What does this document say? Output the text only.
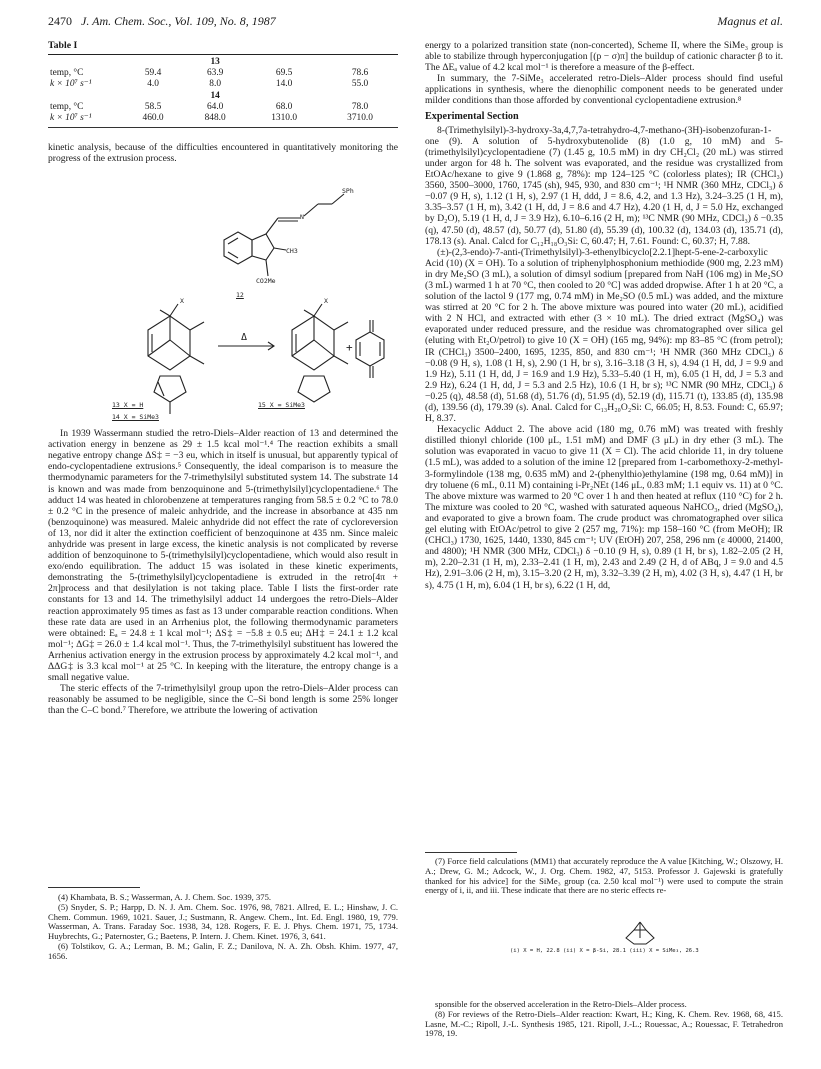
2470 J. Am. Chem. Soc., Vol. 109, No. 8, 1987	Magnus et al.
Table I
		13		
temp, °C	59.4	63.9	69.5	78.6
k × 10⁷ s⁻¹	4.0	8.0	14.0	55.0
		14		
temp, °C	58.5	64.0	68.0	78.0
k × 10⁷ s⁻¹	460.0	848.0	1310.0	3710.0

kinetic analysis, because of the difficulties encountered in quantitatively monitoring the progress of the extrusion process.

SPh
N
CH3
CO2Me
12
X	X
Δ
+
13 X = H
14 X = SiMe3
15 X = SiMe3

In 1939 Wassermann studied the retro-Diels–Alder reaction of 13 and determined the activation energy in benzene as 29 ± 1.5 kcal mol⁻¹.⁴ The reaction exhibits a small negative entropy change ΔS‡ = −3 eu, which in itself is unusual, but apparently typical of endo-cyclopentadiene extrusions.⁵ Consequently, the ideal comparison is to measure the thermodynamic parameters for the 7-trimethylsilyl substituted system 14. The substrate 14 is known and was made from benzoquinone and 5-(trimethylsilyl)cyclopentadiene.⁶ The adduct 14 was heated in chlorobenzene at temperatures ranging from 58.5 ± 0.2 °C to 78.0 ± 0.2 °C in the presence of maleic anhydride, and the increase in absorbance at 435 nm (benzoquinone) was measured. Maleic anhydride did not effect the rate of cycloreversion of 13, nor did it alter the extinction coefficient of benzoquinone at 435 nm. Since maleic anhydride was present in large excess, the kinetic analysis is not complicated by reverse addition of benzoquinone to 5-(trimethylsilyl)cyclopentadiene, which would also result in exo/endo equilibration. The adduct 15 was isolated in these kinetic experiments, demonstrating the 5-(trimethylsilyl)cyclopentadiene is extruded in the retro[4π + 2π]process and that desilylation is not taking place. Table I lists the first-order rate constants for 13 and 14. The trimethylsilyl adduct 14 undergoes the retro-Diels–Alder reaction approximately 95 times as fast as 13 under comparable reaction conditions. When these rate data are used in an Arrhenius plot, the following thermodynamic parameters were obtained: Eₐ = 24.8 ± 1 kcal mol⁻¹; ΔS‡ = −5.8 ± 0.5 eu; ΔH‡ = 24.1 ± 1.2 kcal mol⁻¹; ΔG‡ = 26.0 ± 1.4 kcal mol⁻¹. Thus, the 7-trimethylsilyl substituent has lowered the Arrhenius activation energy in the extrusion process by approximately 4.2 kcal mol⁻¹, and ΔΔG‡ is 3.3 kcal mol⁻¹ at 25 °C. In keeping with the literature, the entropy change is a small negative value.

The steric effects of the 7-trimethylsilyl group upon the retro-Diels–Alder process can reasonably be assumed to be negligible, since the C–Si bond length is some 25% longer than the C–C bond.⁷ Therefore, we attribute the lowering of activation

(4) Khambata, B. S.; Wasserman, A. J. Chem. Soc. 1939, 375.

(5) Snyder, S. P.; Harpp, D. N. J. Am. Chem. Soc. 1976, 98, 7821. Allred, E. L.; Hinshaw, J. C. Chem. Commun. 1969, 1021. Sauer, J.; Sustmann, R. Angew. Chem., Int. Ed. Engl. 1980, 19, 779. Wasserman, A. Trans. Faraday Soc. 1938, 34, 128. Rogers, F. E. J. Phys. Chem. 1971, 75, 1734. Huybrechts, G.; Paternoster, G.; Baetens, P. Intern. J. Chem. Kinet. 1976, 3, 641.

(6) Tolstikov, G. A.; Lerman, B. M.; Galin, F. Z.; Danilova, N. A. Zh. Obsh. Khim. 1977, 47, 1656.

energy to a polarized transition state (non-concerted), Scheme II, where the SiMe₃ group is able to stabilize through hyperconjugation [(p − σ)π] the buildup of cationic character β to it. The ΔEₐ value of 4.2 kcal mol⁻¹ is therefore a measure of the β-effect.

In summary, the 7-SiMe₃ accelerated retro-Diels–Alder process should find useful applications in synthesis, where the dienophilic component needs to be generated under milder conditions than those afforded by conventional cyclopentadiene extrusion.⁸

Experimental Section

8-(Trimethylsilyl)-3-hydroxy-3a,4,7,7a-tetrahydro-4,7-methano-(3H)-isobenzofuran-1-one (9). A solution of 5-hydroxybutenolide (8) (1.0 g, 10 mM) and 5-(trimethylsilyl)cyclopentadiene (7) (1.45 g, 10.5 mM) in dry CH₂Cl₂ (20 mL) was stirred under argon for 48 h. The solvent was evaporated, and the residue was crystallized from EtOAc/hexane to give 9 (1.868 g, 78%): mp 124–125 °C (colorless plates); IR (CHCl₃) 3560, 3500–3000, 1760, 1745 (sh), 945, 930, and 830 cm⁻¹; ¹H NMR (360 MHz, CDCl₃) δ −0.07 (9 H, s), 1.12 (1 H, s), 2.97 (1 H, ddd, J = 8.6, 4.2, and 1.3 Hz), 3.24–3.25 (1 H, m), 3.35–3.57 (1 H, m), 3.42 (1 H, dd, J = 8.6 and 4.7 Hz), 4.20 (1 H, d, J = 5.0 Hz, exchanged by D₂O), 5.19 (1 H, d, J = 3.9 Hz), 6.10–6.16 (2 H, m); ¹³C NMR (90 MHz, CDCl₃) δ −0.35 (q), 47.50 (d), 48.57 (d), 50.77 (d), 51.80 (d), 55.39 (d), 100.32 (d), 134.03 (d), 135.71 (d), 178.13 (s). Anal. Calcd for C₁₂H₁₈O₃Si: C, 60.47; H, 7.61. Found: C, 60.37; H, 7.88.

(±)-(2,3-endo)-7-anti-(Trimethylsilyl)-3-ethenylbicyclo[2.2.1]hept-5-ene-2-carboxylic Acid (10) (X = OH). To a solution of triphenylphosphonium methiodide (900 mg, 2.23 mM) in dry Me₂SO (3 mL), a solution of dimsyl sodium [prepared from NaH (106 mg) in Me₂SO (3 mL) warmed 1 h at 70 °C, then cooled to 20 °C] was added dropwise. After 1 h at 20 °C, a solution of the lactol 9 (177 mg, 0.74 mM) in Me₂SO (0.5 mL) was added, and the mixture was stirred at 20 °C for 2 h. The above mixture was poured into water (20 mL), acidified with 2 N HCl, and extracted with ether (3 × 10 mL). The dried extract (MgSO₄) was evaporated under reduced pressure, and the residue was chromatographed over silica gel (eluting with Et₂O/petrol) to give 10 (X = OH) (165 mg, 94%): mp 83–85 °C (from petrol); IR (CHCl₃) 3500–2400, 1695, 1235, 850, and 830 cm⁻¹; ¹H NMR (360 MHz CDCl₃) δ −0.08 (9 H, s), 1.08 (1 H, s), 2.90 (1 H, br s), 3.16–3.18 (3 H, s), 4.94 (1 H, dd, J = 9.9 and 1.9 Hz), 5.11 (1 H, dd, J = 16.9 and 1.9 Hz), 5.33–5.40 (1 H, m), 6.05 (1 H, dd, J = 5.3 and 2.9 Hz), 6.24 (1 H, dd, J = 5.3 and 2.5 Hz), 10.6 (1 H, br s); ¹³C NMR (90 MHz, CDCl₃) δ −0.25 (q), 48.58 (d), 51.68 (d), 51.76 (d), 51.95 (d), 52.19 (d), 115.71 (t), 133.85 (d), 135.98 (d), 139.56 (d), 179.39 (s). Anal. Calcd for C₁₃H₂₀O₂Si: C, 66.05; H, 8.53. Found: C, 65.97; H, 8.37.

Hexacyclic Adduct 2. The above acid (180 mg, 0.76 mM) was treated with freshly distilled thionyl chloride (100 μL, 1.51 mM) and DMF (3 μL) in dry ether (3 mL). The solution was evaporated in vacuo to give 11 (X = Cl). The acid chloride 11, in dry toluene (1.5 mL), was added to a solution of the imine 12 [prepared from 1-carbomethoxy-2-methyl-3-formylindole (138 mg, 0.635 mM) and 2-(phenylthio)ethylamine (198 mg, 0.64 mM)] in dry toluene (6 mL, 0.11 M) containing i-Pr₂NEt (146 μL, 0.83 mM; 1.1 equiv vs. 11) at 0 °C. The above mixture was warmed to 20 °C over 1 h and then heated at reflux (110 °C) for 2 h. The mixture was cooled to 20 °C, washed with saturated aqueous NaHCO₃, dried (MgSO₄), and evaporated to give a brown foam. The crude product was chromatographed over silica gel eluting with EtOAc/petrol to give 2 (257 mg, 71%): mp 158–160 °C (from MeOH); IR (CHCl₃) 1730, 1625, 1440, 1330, 845 cm⁻¹; UV (EtOH) 207, 258, 296 nm (ε 40000, 21400, and 4800); ¹H NMR (300 MHz, CDCl₃) δ −0.10 (9 H, s), 0.89 (1 H, br s), 1.82–2.05 (2 H, m), 2.20–2.31 (1 H, m), 2.33–2.41 (1 H, m), 2.43 and 2.49 (2 H, d of ABq, J = 9.0 and 4.5 Hz), 2.91–3.06 (2 H, m), 3.15–3.20 (2 H, m), 3.32–3.39 (2 H, m), 4.02 (3 H, s), 4.47 (1 H, br s), 4.75 (1 H, m), 6.04 (1 H, br s), 6.22 (1 H, dd,

(7) Force field calculations (MM1) that accurately reproduce the A value [Kitching, W.; Olszowy, H. A.; Drew, G. M.; Adcock, W., J. Org. Chem. 1982, 47, 5153. Professor J. Gajewski is gratefully thanked for his advice] for the SiMe₃ group (ca. 2.50 kcal mol⁻¹) were used to compute the strain energy of i, ii, and iii. These indicate that there are no steric effects re-

(i) X = H, 22.8 (ii) X = β-Si, 28.1 (iii) X = SiMe₃, 26.3

sponsible for the observed acceleration in the Retro-Diels–Alder process.

(8) For reviews of the Retro-Diels–Alder reaction: Kwart, H.; King, K. Chem. Rev. 1968, 68, 415. Lasne, M.-C.; Ripoll, J.-L. Synthesis 1985, 121. Ripoll, J.-L.; Rouessac, A.; Rouessac, F. Tetrahedron 1978, 19.
